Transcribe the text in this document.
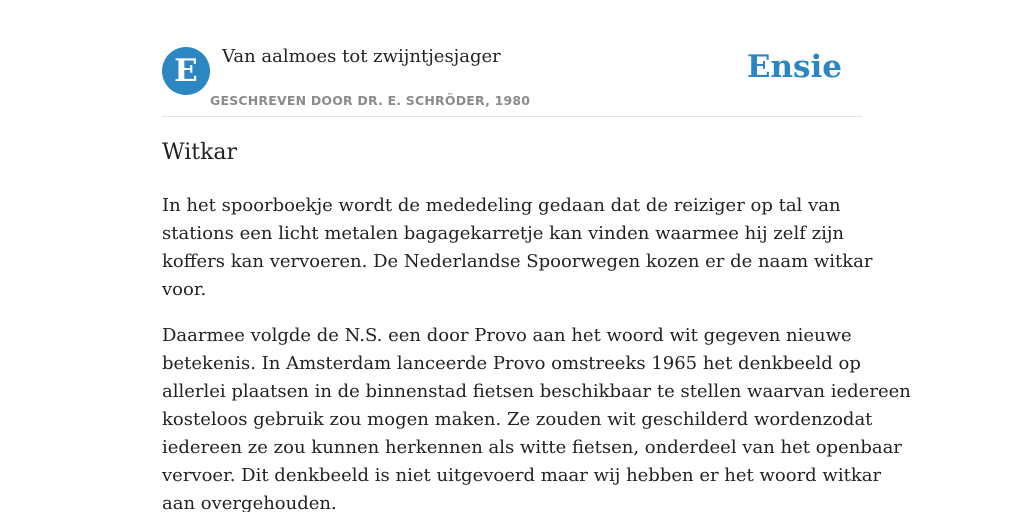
E	Van aalmoes tot zwijntjesjager
GESCHREVEN DOOR DR. E. SCHRÖDER, 1980
Ensie
Witkar

In het spoorboekje wordt de mededeling gedaan dat de reiziger op tal van
stations een licht metalen bagagekarretje kan vinden waarmee hij zelf zijn
koffers kan vervoeren. De Nederlandse Spoorwegen kozen er de naam witkar
voor.

Daarmee volgde de N.S. een door Provo aan het woord wit gegeven nieuwe
betekenis. In Amsterdam lanceerde Provo omstreeks 1965 het denkbeeld op
allerlei plaatsen in de binnenstad fietsen beschikbaar te stellen waarvan iedereen
kosteloos gebruik zou mogen maken. Ze zouden wit geschilderd wordenzodat
iedereen ze zou kunnen herkennen als witte fietsen, onderdeel van het openbaar
vervoer. Dit denkbeeld is niet uitgevoerd maar wij hebben er het woord witkar
aan overgehouden.
